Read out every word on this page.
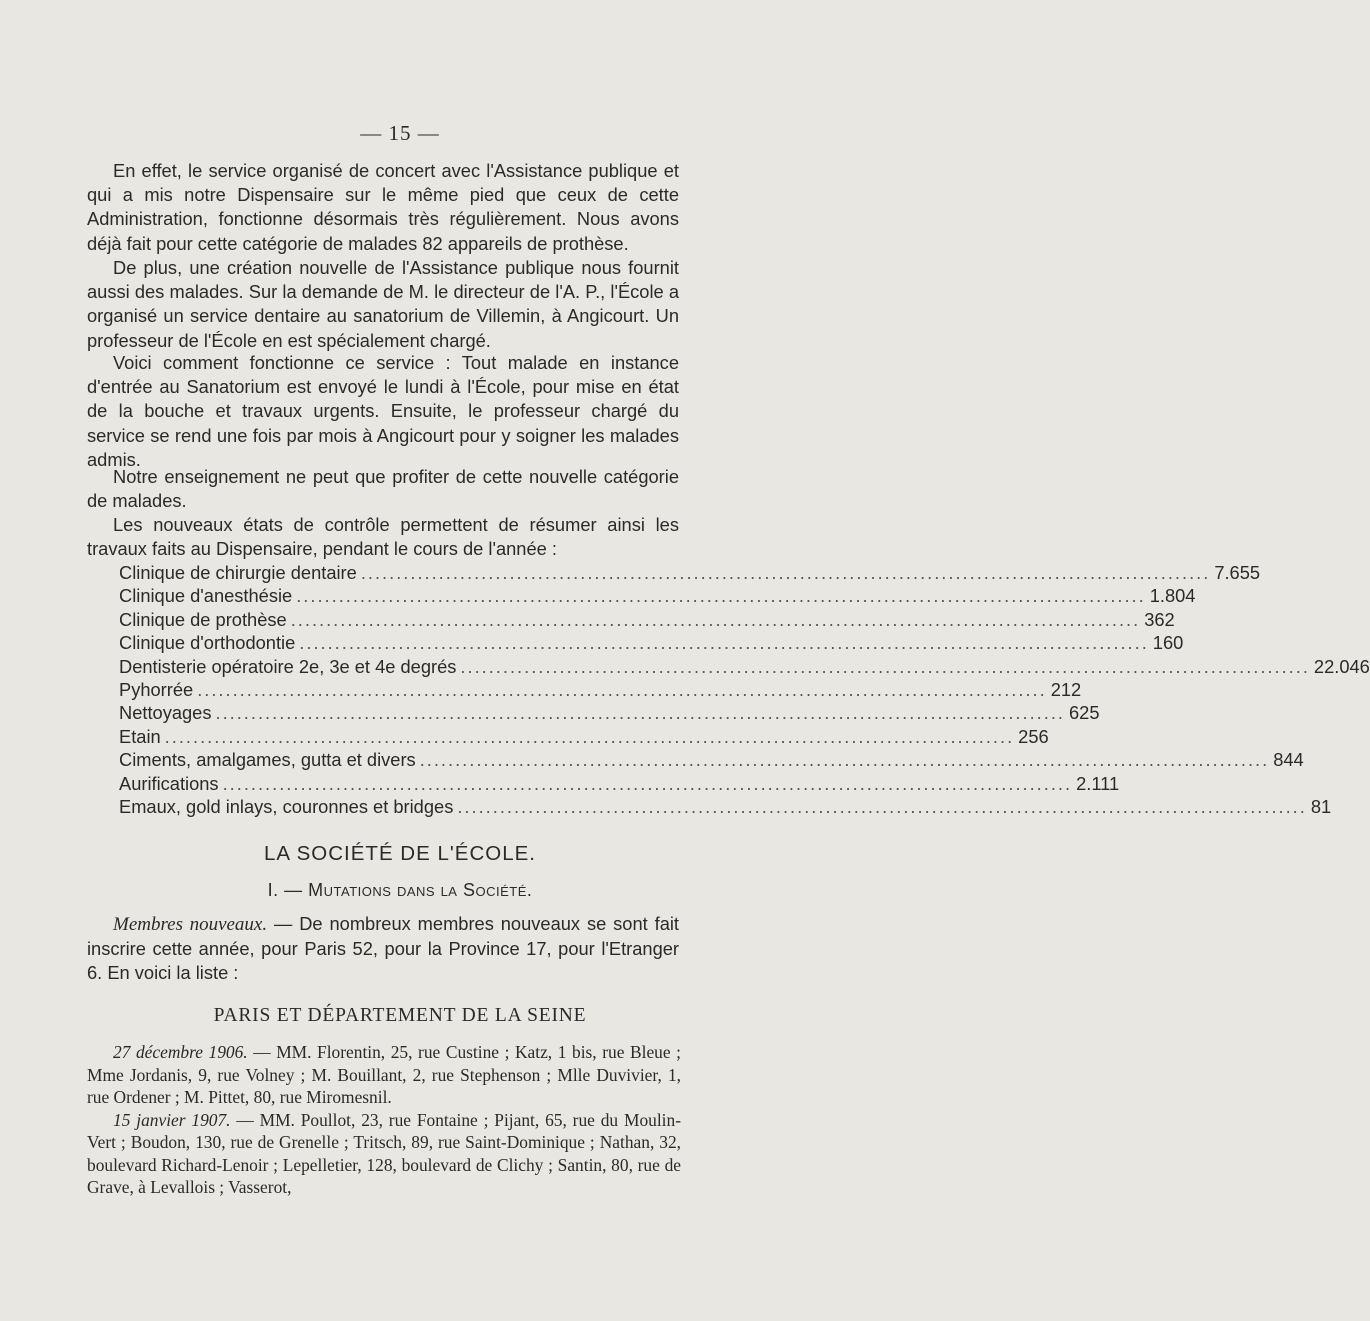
— 15 —

En effet, le service organisé de concert avec l'Assistance publique et qui a mis notre Dispensaire sur le même pied que ceux de cette Administration, fonctionne désormais très régulièrement. Nous avons déjà fait pour cette catégorie de malades 82 appareils de prothèse.

De plus, une création nouvelle de l'Assistance publique nous fournit aussi des malades. Sur la demande de M. le directeur de l'A. P., l'École a organisé un service dentaire au sanatorium de Villemin, à Angicourt. Un professeur de l'École en est spécialement chargé.

Voici comment fonctionne ce service : Tout malade en instance d'entrée au Sanatorium est envoyé le lundi à l'École, pour mise en état de la bouche et travaux urgents. Ensuite, le professeur chargé du service se rend une fois par mois à Angicourt pour y soigner les malades admis.

Notre enseignement ne peut que profiter de cette nouvelle catégorie de malades.

Les nouveaux états de contrôle permettent de résumer ainsi les travaux faits au Dispensaire, pendant le cours de l'année :

Clinique de chirurgie dentaire ........................................................................................................................ 7.655
Clinique d'anesthésie ........................................................................................................................ 1.804
Clinique de prothèse ........................................................................................................................ 362
Clinique d'orthodontie ........................................................................................................................ 160
Dentisterie opératoire 2e, 3e et 4e degrés ........................................................................................................................ 22.046
Pyhorrée ........................................................................................................................ 212
Nettoyages ........................................................................................................................ 625
Etain ........................................................................................................................ 256
Ciments, amalgames, gutta et divers ........................................................................................................................ 844
Aurifications ........................................................................................................................ 2.111
Emaux, gold inlays, couronnes et bridges ........................................................................................................................ 81
LA SOCIÉTÉ DE L'ÉCOLE.
I. — Mutations dans la Société.

Membres nouveaux. — De nombreux membres nouveaux se sont fait inscrire cette année, pour Paris 52, pour la Province 17, pour l'Etranger 6. En voici la liste :

PARIS ET DÉPARTEMENT DE LA SEINE

27 décembre 1906. — MM. Florentin, 25, rue Custine ; Katz, 1 bis, rue Bleue ; Mme Jordanis, 9, rue Volney ; M. Bouillant, 2, rue Stephenson ; Mlle Duvivier, 1, rue Ordener ; M. Pittet, 80, rue Miromesnil.

15 janvier 1907. — MM. Poullot, 23, rue Fontaine ; Pijant, 65, rue du Moulin-Vert ; Boudon, 130, rue de Grenelle ; Tritsch, 89, rue Saint-Dominique ; Nathan, 32, boulevard Richard-Lenoir ; Lepelletier, 128, boulevard de Clichy ; Santin, 80, rue de Grave, à Levallois ; Vasserot,
